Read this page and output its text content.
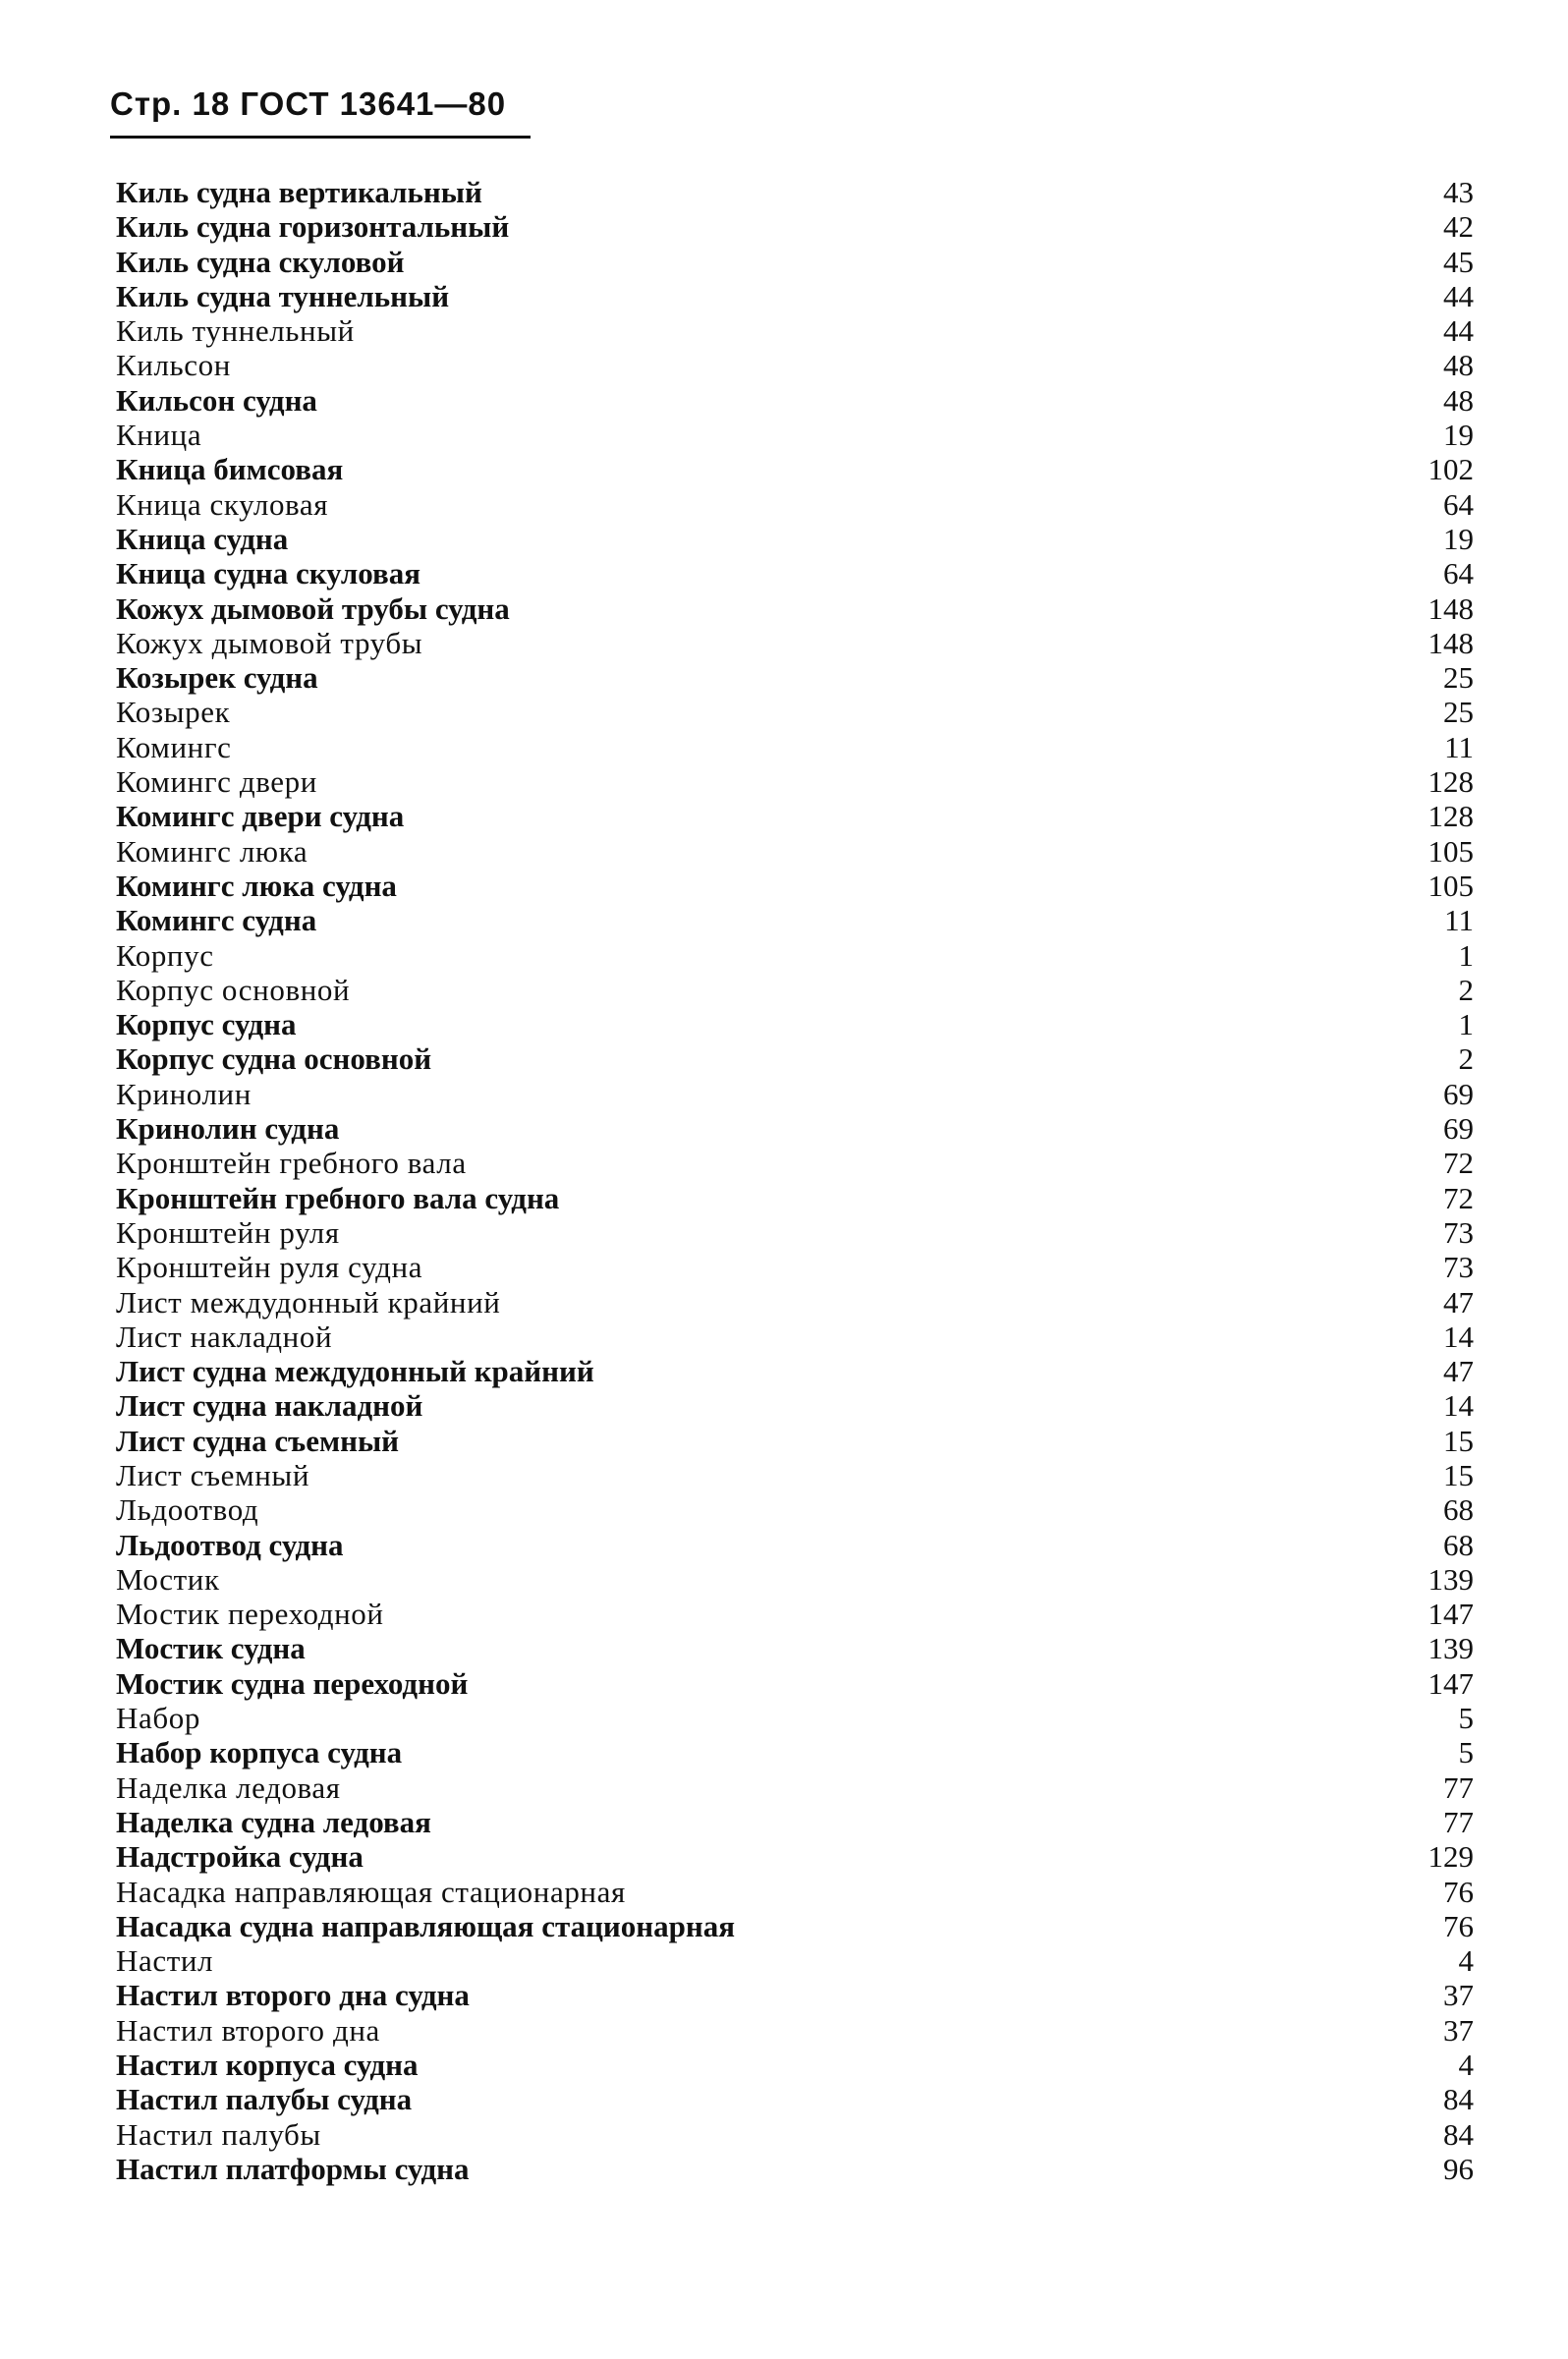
Стр. 18 ГОСТ 13641—80
Киль судна вертикальный	43
Киль судна горизонтальный	42
Киль судна скуловой	45
Киль судна туннельный	44
Киль туннельный	44
Кильсон	48
Кильсон судна	48
Кница	19
Кница бимсовая	102
Кница скуловая	64
Кница судна	19
Кница судна скуловая	64
Кожух дымовой трубы судна	148
Кожух дымовой трубы	148
Козырек судна	25
Козырек	25
Комингс	11
Комингс двери	128
Комингс двери судна	128
Комингс люка	105
Комингс люка судна	105
Комингс судна	11
Корпус	1
Корпус основной	2
Корпус судна	1
Корпус судна основной	2
Кринолин	69
Кринолин судна	69
Кронштейн гребного вала	72
Кронштейн гребного вала судна	72
Кронштейн руля	73
Кронштейн руля судна	73
Лист междудонный крайний	47
Лист накладной	14
Лист судна междудонный крайний	47
Лист судна накладной	14
Лист судна съемный	15
Лист съемный	15
Льдоотвод	68
Льдоотвод судна	68
Мостик	139
Мостик переходной	147
Мостик судна	139
Мостик судна переходной	147
Набор	5
Набор корпуса судна	5
Наделка ледовая	77
Наделка судна ледовая	77
Надстройка судна	129
Насадка направляющая стационарная	76
Насадка судна направляющая стационарная	76
Настил	4
Настил второго дна судна	37
Настил второго дна	37
Настил корпуса судна	4
Настил палубы судна	84
Настил палубы	84
Настил платформы судна	96
